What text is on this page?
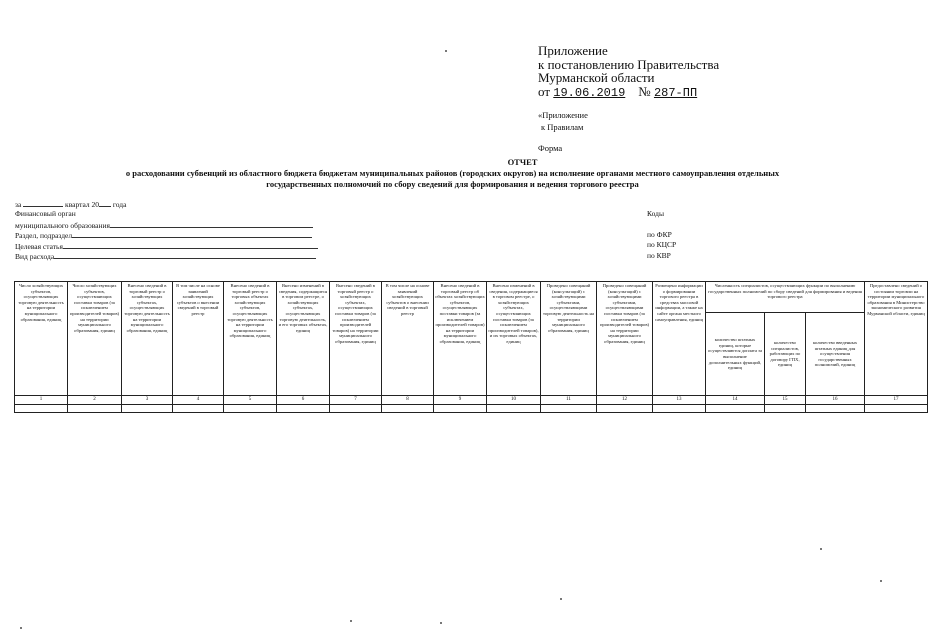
Приложение
к постановлению Правительства
Мурманской области
от 19.06.2019 № 287-ПП
«Приложение
к Правилам
Форма
ОТЧЕТ
о расходовании субвенций из областного бюджета бюджетам муниципальных районов (городских округов) на исполнение органами местного самоуправления отдельных
государственных полномочий по сбору сведений для формирования и ведения торгового реестра
за	квартал 20 года
Финансовый орган
муниципального образования
Раздел, подраздел
Целевая статья
Вид расхода
Коды

по ФКР
по КЦСР
по КВР
Число хозяйствующих субъектов, осуществляющих торговую деятельность на территории муниципального образования, единиц	Число хозяйствующих субъектов, осуществляющих поставки товаров (за исключением производителей товаров) на территории муниципального образования, единиц	Внесено сведений в торговый реестр о хозяйствующих субъектах, осуществляющих торговую деятельность на территории муниципального образования, единиц	В том числе на основе заявлений хозяйствующих субъектов о внесении сведений в торговый реестр	Внесено сведений в торговый реестр о торговых объектах хозяйствующих субъектов, осуществляющих торговую деятельность на территории муниципального образования, единиц	Внесено изменений в сведения, содержащиеся в торговом реестре, о хозяйствующих субъектах, осуществляющих торговую деятельность, и его торговых объектах, единиц	Внесено сведений в торговый реестр о хозяйствующих субъектах, осуществляющих поставки товаров (за исключением производителей товаров) на территории муниципального образования, единиц	В том числе на основе заявлений хозяйствующих субъектов о внесении сведений в торговый реестр	Внесено сведений в торговый реестр об объектах хозяйствующих субъектов, осуществляющих поставки товаров (за исключением производителей товаров) на территории муниципального образования, единиц	Внесено изменений в сведения, содержащиеся в торговом реестре, о хозяйствующих субъектах, осуществляющих поставки товаров (за исключением производителей товаров), и их торговых объектах, единиц	Проведено совещаний (консультаций) с хозяйствующими субъектами, осуществляющими торговую деятельность на территории муниципального образования, единиц	Проведено совещаний (консультаций) с хозяйствующими субъектами, осуществляющими поставки товаров (за исключением производителей товаров) на территории муниципального образования, единиц	Размещено информации о формировании торгового реестра в средствах массовой информации, а также на сайте органа местного самоуправления, единиц	Численность специалистов, осуществляющих функции по выполнению государственных полномочий по сбору сведений для формирования и ведения торгового реестра			Предоставлено сведений о состоянии торговли на территории муниципального образования в Министерство экономического развития Мурманской области, единиц
													количество штатных единиц, которые осуществляются доплата за выполнение дополнительных функций, единиц	количество специалистов, работающих по договору ГПХ, единиц	количество введенных штатных единиц для осуществления государственных полномочий, единиц	
1	2	3	4	5	6	7	8	9	10	11	12	13	14	15	16	17
